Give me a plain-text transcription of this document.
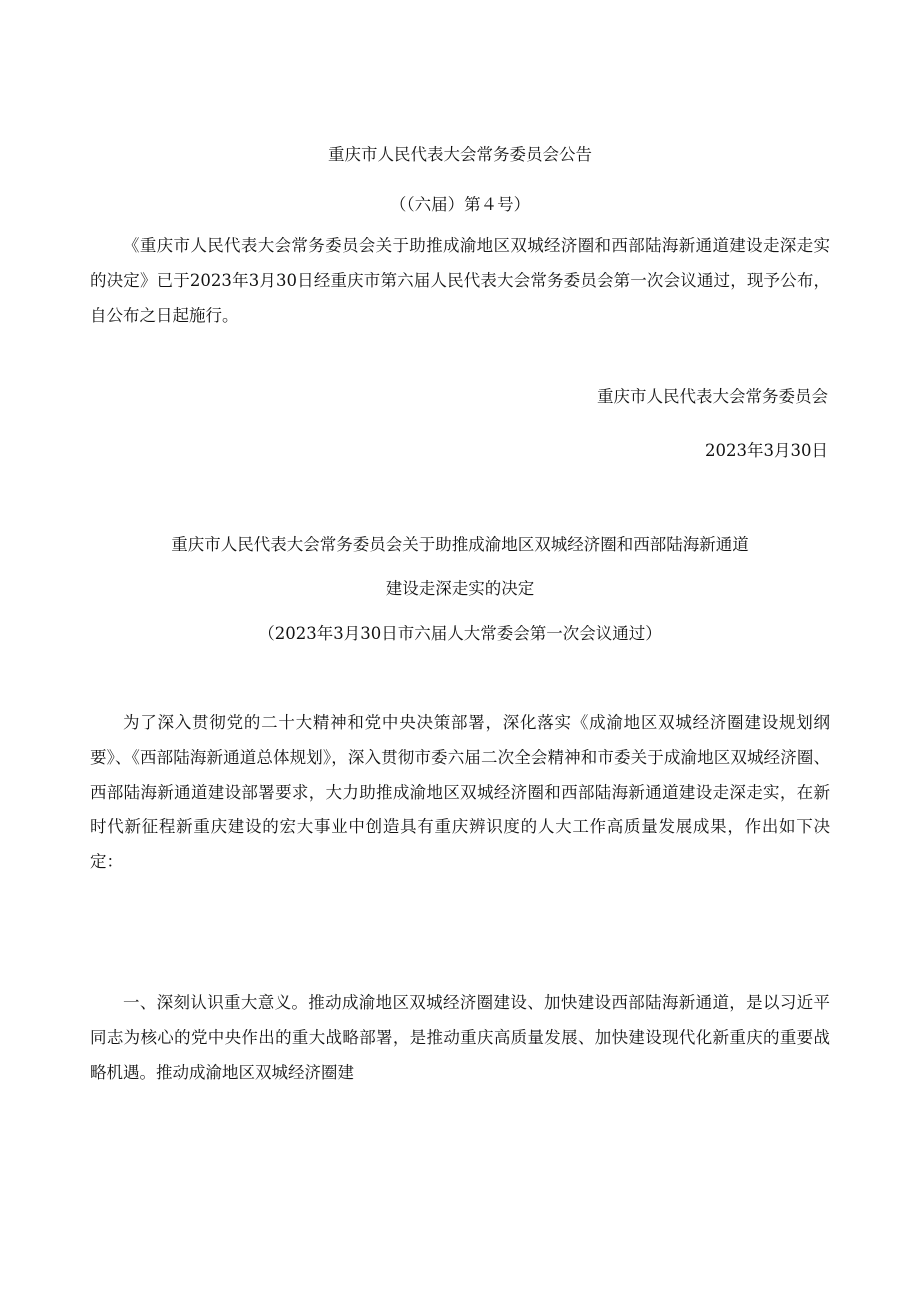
重庆市人民代表大会常务委员会公告
（（六届）第４号）

《重庆市人民代表大会常务委员会关于助推成渝地区双城经济圈和西部陆海新通道建设走深走实的决定》已于2023年3月30日经重庆市第六届人民代表大会常务委员会第一次会议通过，现予公布，自公布之日起施行。

重庆市人民代表大会常务委员会
2023年3月30日
重庆市人民代表大会常务委员会关于助推成渝地区双城经济圈和西部陆海新通道
建设走深走实的决定
（2023年3月30日市六届人大常委会第一次会议通过）

为了深入贯彻党的二十大精神和党中央决策部署，深化落实《成渝地区双城经济圈建设规划纲要》、《西部陆海新通道总体规划》，深入贯彻市委六届二次全会精神和市委关于成渝地区双城经济圈、西部陆海新通道建设部署要求，大力助推成渝地区双城经济圈和西部陆海新通道建设走深走实，在新时代新征程新重庆建设的宏大事业中创造具有重庆辨识度的人大工作高质量发展成果，作出如下决定：

一、深刻认识重大意义。推动成渝地区双城经济圈建设、加快建设西部陆海新通道，是以习近平同志为核心的党中央作出的重大战略部署，是推动重庆高质量发展、加快建设现代化新重庆的重要战略机遇。推动成渝地区双城经济圈建
